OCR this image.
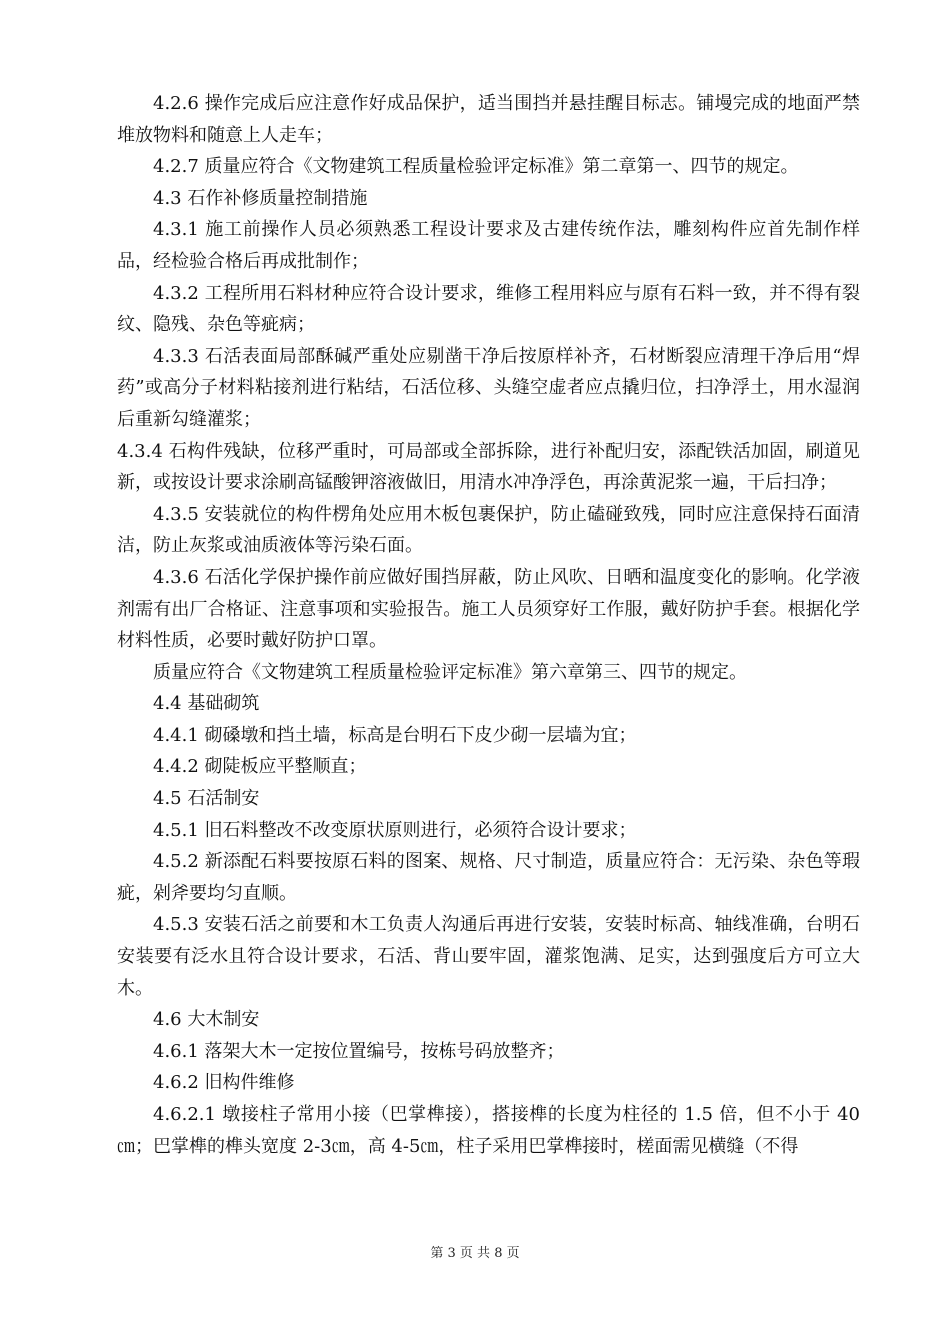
4.2.6 操作完成后应注意作好成品保护，适当围挡并悬挂醒目标志。铺墁完成的地面严禁堆放物料和随意上人走车；

4.2.7 质量应符合《文物建筑工程质量检验评定标准》第二章第一、四节的规定。

4.3 石作补修质量控制措施

4.3.1 施工前操作人员必须熟悉工程设计要求及古建传统作法，雕刻构件应首先制作样品，经检验合格后再成批制作；

4.3.2 工程所用石料材种应符合设计要求，维修工程用料应与原有石料一致，并不得有裂纹、隐残、杂色等疵病；

4.3.3 石活表面局部酥碱严重处应剔凿干净后按原样补齐，石材断裂应清理干净后用“焊药”或高分子材料粘接剂进行粘结，石活位移、头缝空虚者应点撬归位，扫净浮土，用水湿润后重新勾缝灌浆；

4.3.4 石构件残缺，位移严重时，可局部或全部拆除，进行补配归安，添配铁活加固，刷道见新，或按设计要求涂刷高锰酸钾溶液做旧，用清水冲净浮色，再涂黄泥浆一遍，干后扫净；

4.3.5 安装就位的构件楞角处应用木板包裹保护，防止磕碰致残，同时应注意保持石面清洁，防止灰浆或油质液体等污染石面。

4.3.6 石活化学保护操作前应做好围挡屏蔽，防止风吹、日晒和温度变化的影响。化学液剂需有出厂合格证、注意事项和实验报告。施工人员须穿好工作服，戴好防护手套。根据化学材料性质，必要时戴好防护口罩。

质量应符合《文物建筑工程质量检验评定标准》第六章第三、四节的规定。

4.4 基础砌筑

4.4.1 砌磉墩和挡土墙，标高是台明石下皮少砌一层墙为宜；

4.4.2 砌陡板应平整顺直；

4.5 石活制安

4.5.1 旧石料整改不改变原状原则进行，必须符合设计要求；

4.5.2 新添配石料要按原石料的图案、规格、尺寸制造，质量应符合：无污染、杂色等瑕疵，剁斧要均匀直顺。

4.5.3 安装石活之前要和木工负责人沟通后再进行安装，安装时标高、轴线准确，台明石安装要有泛水且符合设计要求，石活、背山要牢固，灌浆饱满、足实，达到强度后方可立大木。

4.6 大木制安

4.6.1 落架大木一定按位置编号，按栋号码放整齐；

4.6.2 旧构件维修

4.6.2.1 墩接柱子常用小接（巴掌榫接），搭接榫的长度为柱径的 1.5 倍，但不小于 40㎝；巴掌榫的榫头宽度 2-3㎝，高 4-5㎝，柱子采用巴掌榫接时，槎面需见横缝（不得

第 3 页 共 8 页
